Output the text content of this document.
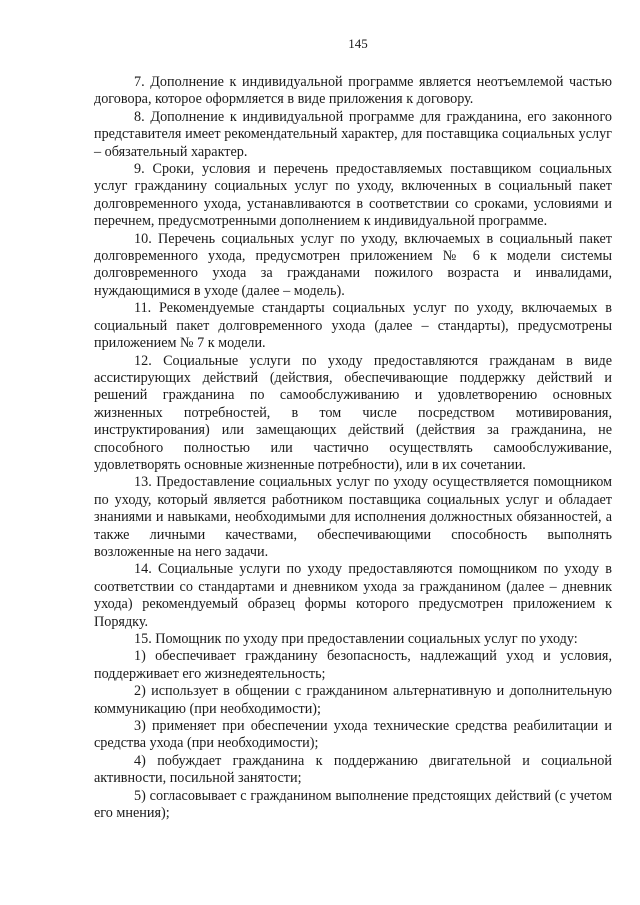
145

7. Дополнение к индивидуальной программе является неотъемлемой частью договора, которое оформляется в виде приложения к договору.

8. Дополнение к индивидуальной программе для гражданина, его законного представителя имеет рекомендательный характер, для поставщика социальных услуг – обязательный характер.

9. Сроки, условия и перечень предоставляемых поставщиком социальных услуг гражданину социальных услуг по уходу, включенных в социальный пакет долговременного ухода, устанавливаются в соответствии со сроками, условиями и перечнем, предусмотренными дополнением к индивидуальной программе.

10. Перечень социальных услуг по уходу, включаемых в социальный пакет долговременного ухода, предусмотрен приложением № 6 к модели системы долговременного ухода за гражданами пожилого возраста и инвалидами, нуждающимися в уходе (далее – модель).

11. Рекомендуемые стандарты социальных услуг по уходу, включаемых в социальный пакет долговременного ухода (далее – стандарты), предусмотрены приложением № 7 к модели.

12. Социальные услуги по уходу предоставляются гражданам в виде ассистирующих действий (действия, обеспечивающие поддержку действий и решений гражданина по самообслуживанию и удовлетворению основных жизненных потребностей, в том числе посредством мотивирования, инструктирования) или замещающих действий (действия за гражданина, не способного полностью или частично осуществлять самообслуживание, удовлетворять основные жизненные потребности), или в их сочетании.

13. Предоставление социальных услуг по уходу осуществляется помощником по уходу, который является работником поставщика социальных услуг и обладает знаниями и навыками, необходимыми для исполнения должностных обязанностей, а также личными качествами, обеспечивающими способность выполнять возложенные на него задачи.

14. Социальные услуги по уходу предоставляются помощником по уходу в соответствии со стандартами и дневником ухода за гражданином (далее – дневник ухода) рекомендуемый образец формы которого предусмотрен приложением к Порядку.

15. Помощник по уходу при предоставлении социальных услуг по уходу:

1) обеспечивает гражданину безопасность, надлежащий уход и условия, поддерживает его жизнедеятельность;

2) использует в общении с гражданином альтернативную и дополнительную коммуникацию (при необходимости);

3) применяет при обеспечении ухода технические средства реабилитации и средства ухода (при необходимости);

4) побуждает гражданина к поддержанию двигательной и социальной активности, посильной занятости;

5) согласовывает с гражданином выполнение предстоящих действий (с учетом его мнения);
